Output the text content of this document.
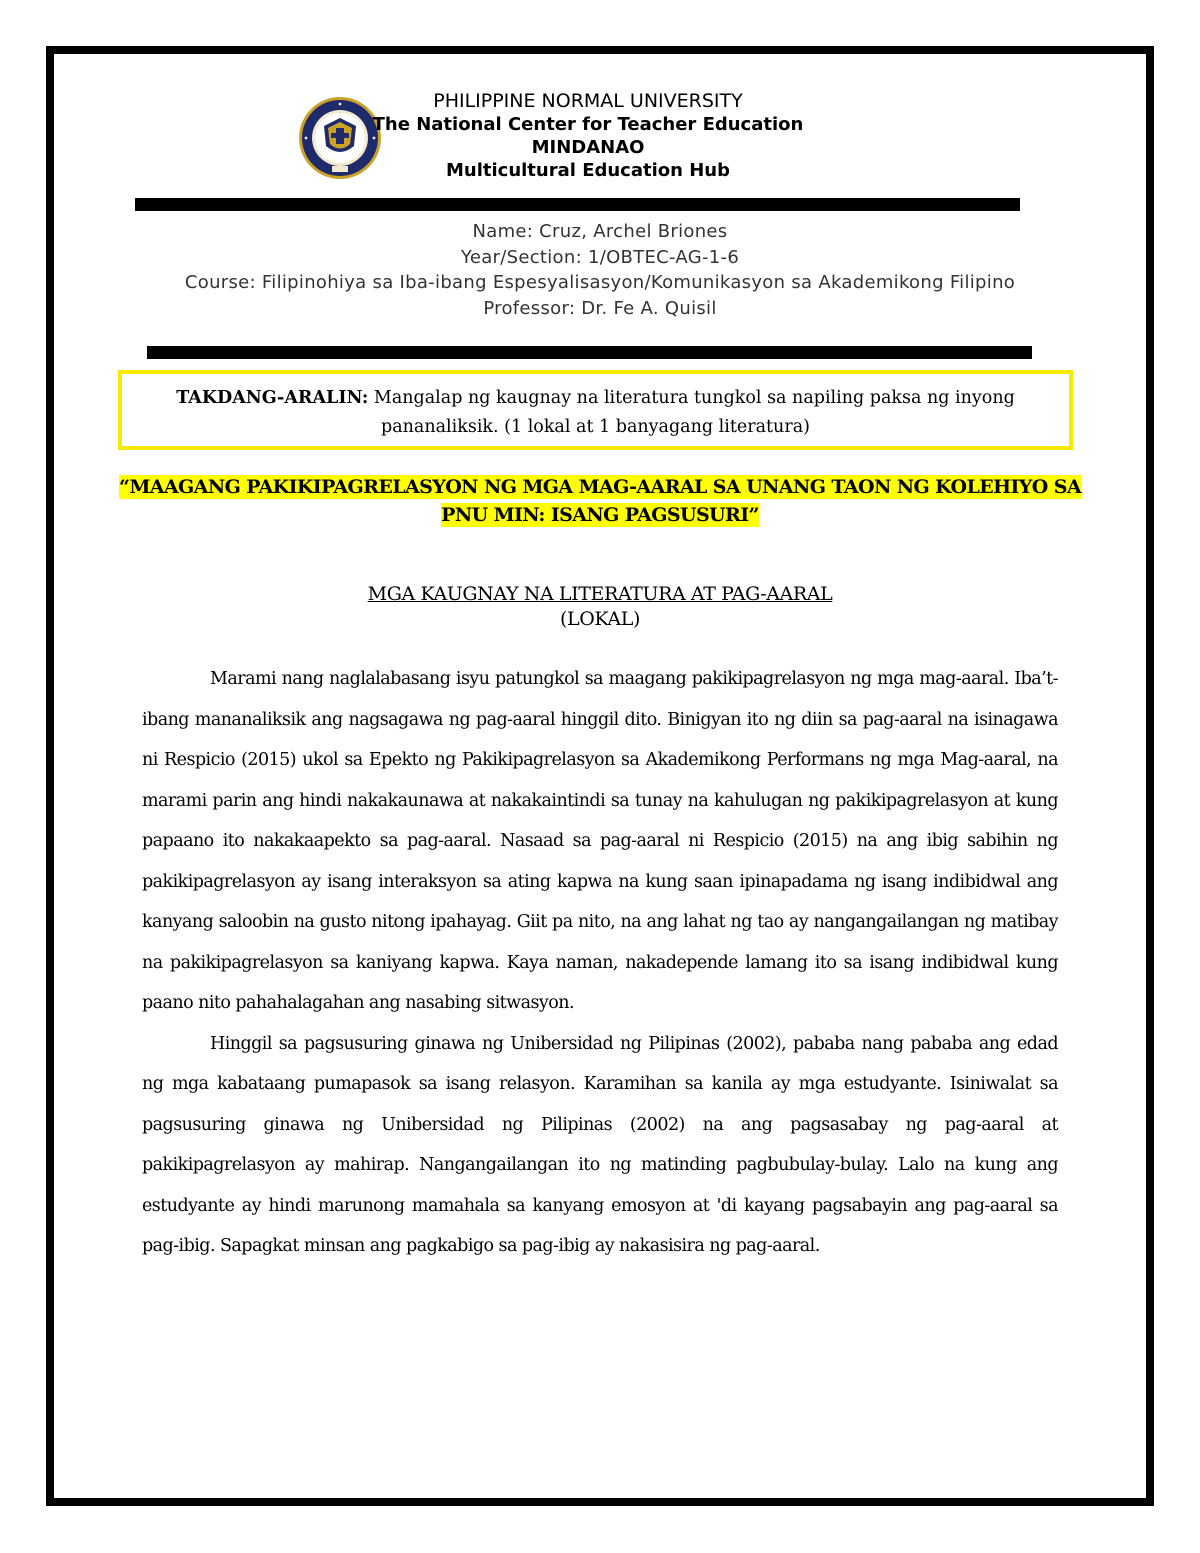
PHILIPPINE NORMAL UNIVERSITY
The National Center for Teacher Education
MINDANAO
Multicultural Education Hub
Name: Cruz, Archel Briones
Year/Section: 1/OBTEC-AG-1-6
Course: Filipinohiya sa Iba-ibang Espesyalisasyon/Komunikasyon sa Akademikong Filipino
Professor: Dr. Fe A. Quisil
TAKDANG-ARALIN: Mangalap ng kaugnay na literatura tungkol sa napiling paksa ng inyong pananaliksik. (1 lokal at 1 banyagang literatura)
“MAAGANG PAKIKIPAGRELASYON NG MGA MAG-AARAL SA UNANG TAON NG KOLEHIYO SA PNU MIN: ISANG PAGSUSURI”
MGA KAUGNAY NA LITERATURA AT PAG-AARAL
(LOKAL)

Marami nang naglalabasang isyu patungkol sa maagang pakikipagrelasyon ng mga mag-aaral. Iba’t-ibang mananaliksik ang nagsagawa ng pag-aaral hinggil dito. Binigyan ito ng diin sa pag-aaral na isinagawa ni Respicio (2015) ukol sa Epekto ng Pakikipagrelasyon sa Akademikong Performans ng mga Mag-aaral, na marami parin ang hindi nakakaunawa at nakakaintindi sa tunay na kahulugan ng pakikipagrelasyon at kung papaano ito nakakaapekto sa pag-aaral. Nasaad sa pag-aaral ni Respicio (2015) na ang ibig sabihin ng pakikipagrelasyon ay isang interaksyon sa ating kapwa na kung saan ipinapadama ng isang indibidwal ang kanyang saloobin na gusto nitong ipahayag. Giit pa nito, na ang lahat ng tao ay nangangailangan ng matibay na pakikipagrelasyon sa kaniyang kapwa. Kaya naman, nakadepende lamang ito sa isang indibidwal kung paano nito pahahalagahan ang nasabing sitwasyon.

Hinggil sa pagsusuring ginawa ng Unibersidad ng Pilipinas (2002), pababa nang pababa ang edad ng mga kabataang pumapasok sa isang relasyon. Karamihan sa kanila ay mga estudyante. Isiniwalat sa pagsusuring ginawa ng Unibersidad ng Pilipinas (2002) na ang pagsasabay ng pag-aaral at pakikipagrelasyon ay mahirap. Nangangailangan ito ng matinding pagbubulay-bulay. Lalo na kung ang estudyante ay hindi marunong mamahala sa kanyang emosyon at 'di kayang pagsabayin ang pag-aaral sa pag-ibig. Sapagkat minsan ang pagkabigo sa pag-ibig ay nakasisira ng pag-aaral.
